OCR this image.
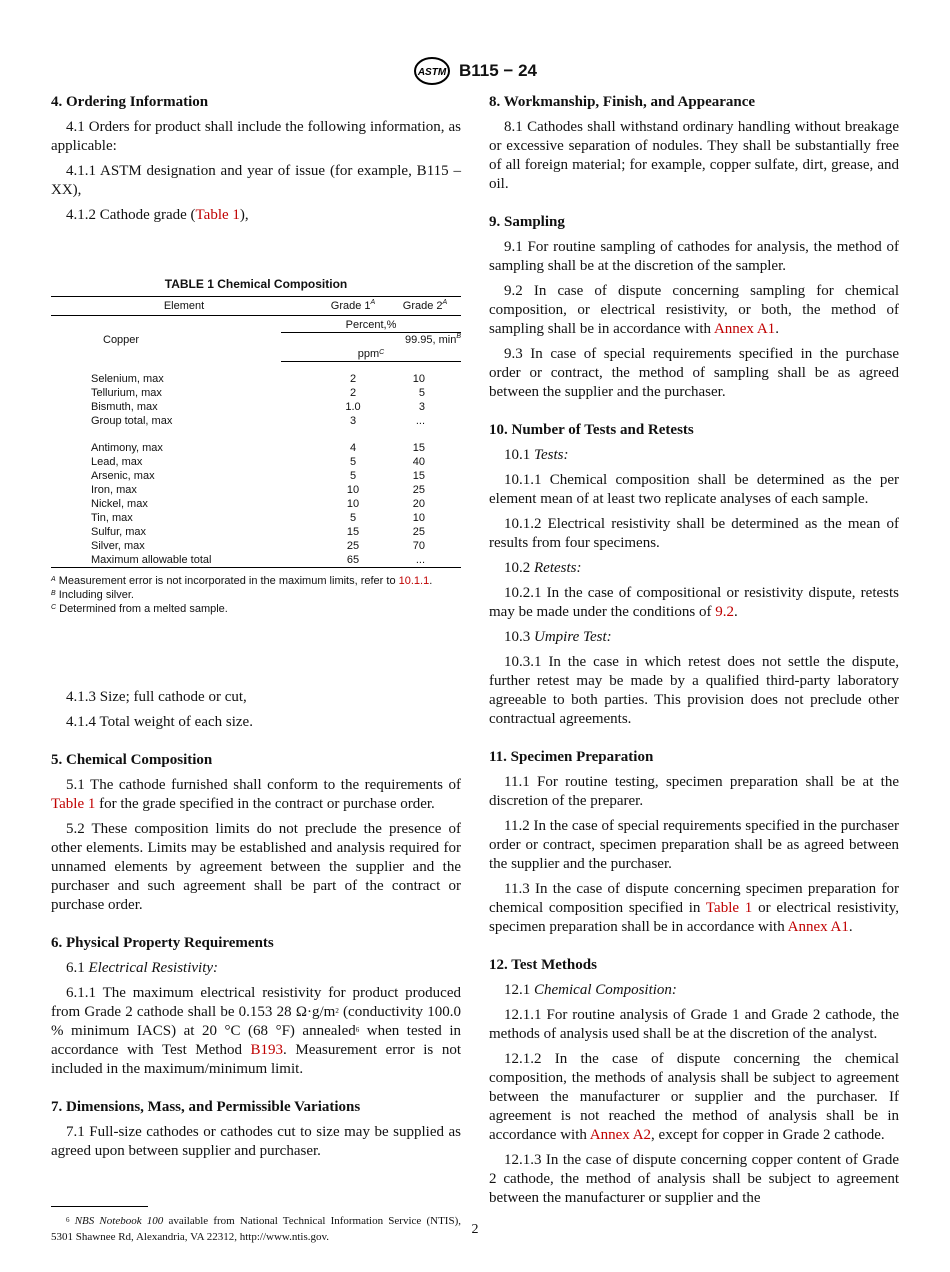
ASTM B115 − 24
4. Ordering Information
4.1 Orders for product shall include the following information, as applicable:
4.1.1 ASTM designation and year of issue (for example, B115 – XX),
4.1.2 Cathode grade (Table 1),
TABLE 1 Chemical Composition
Element	Grade $1^A$	Grade $2^A$
Percent,%
Copper	99.95, $\min^B$
ppm$^C$
Selenium, max	2	10
Tellurium, max	2	5
Bismuth, max	1.0	3
Group total, max	3	...
Antimony, max	4	15
Lead, max	5	40
Arsenic, max	5	15
Iron, max	10	25
Nickel, max	10	20
Tin, max	5	10
Sulfur, max	15	25
Silver, max	25	70
Maximum allowable total	65	...
$^A$ Measurement error is not incorporated in the maximum limits, refer to 10.1.1.
$^B$ Including silver.
$^C$ Determined from a melted sample.
4.1.3 Size; full cathode or cut,
4.1.4 Total weight of each size.
5. Chemical Composition
5.1 The cathode furnished shall conform to the requirements of Table 1 for the grade specified in the contract or purchase order.
5.2 These composition limits do not preclude the presence of other elements. Limits may be established and analysis required for unnamed elements by agreement between the supplier and the purchaser and such agreement shall be part of the contract or purchase order.
6. Physical Property Requirements
6.1 Electrical Resistivity:
6.1.1 The maximum electrical resistivity for product produced from Grade 2 cathode shall be 0.153 28 $\Omega\cdot g/m^2$ (conductivity 100.0 % minimum IACS) at 20 °C (68 °F) annealed$^6$ when tested in accordance with Test Method B193. Measurement error is not included in the maximum/minimum limit.
7. Dimensions, Mass, and Permissible Variations
7.1 Full-size cathodes or cathodes cut to size may be supplied as agreed upon between supplier and purchaser.
$^6$ NBS Notebook 100 available from National Technical Information Service (NTIS), 5301 Shawnee Rd, Alexandria, VA 22312, http://www.ntis.gov.
8. Workmanship, Finish, and Appearance
8.1 Cathodes shall withstand ordinary handling without breakage or excessive separation of nodules. They shall be substantially free of all foreign material; for example, copper sulfate, dirt, grease, and oil.
9. Sampling
9.1 For routine sampling of cathodes for analysis, the method of sampling shall be at the discretion of the sampler.
9.2 In case of dispute concerning sampling for chemical composition, or electrical resistivity, or both, the method of sampling shall be in accordance with Annex A1.
9.3 In case of special requirements specified in the purchase order or contract, the method of sampling shall be as agreed between the supplier and the purchaser.
10. Number of Tests and Retests
10.1 Tests:
10.1.1 Chemical composition shall be determined as the per element mean of at least two replicate analyses of each sample.
10.1.2 Electrical resistivity shall be determined as the mean of results from four specimens.
10.2 Retests:
10.2.1 In the case of compositional or resistivity dispute, retests may be made under the conditions of 9.2.
10.3 Umpire Test:
10.3.1 In the case in which retest does not settle the dispute, further retest may be made by a qualified third-party laboratory agreeable to both parties. This provision does not preclude other contractual agreements.
11. Specimen Preparation
11.1 For routine testing, specimen preparation shall be at the discretion of the preparer.
11.2 In the case of special requirements specified in the purchaser order or contract, specimen preparation shall be as agreed between the supplier and the purchaser.
11.3 In the case of dispute concerning specimen preparation for chemical composition specified in Table 1 or electrical resistivity, specimen preparation shall be in accordance with Annex A1.
12. Test Methods
12.1 Chemical Composition:
12.1.1 For routine analysis of Grade 1 and Grade 2 cathode, the methods of analysis used shall be at the discretion of the analyst.
12.1.2 In the case of dispute concerning the chemical composition, the methods of analysis shall be subject to agreement between the manufacturer or supplier and the purchaser. If agreement is not reached the method of analysis shall be in accordance with Annex A2, except for copper in Grade 2 cathode.
12.1.3 In the case of dispute concerning copper content of Grade 2 cathode, the method of analysis shall be subject to agreement between the manufacturer or supplier and the
2
